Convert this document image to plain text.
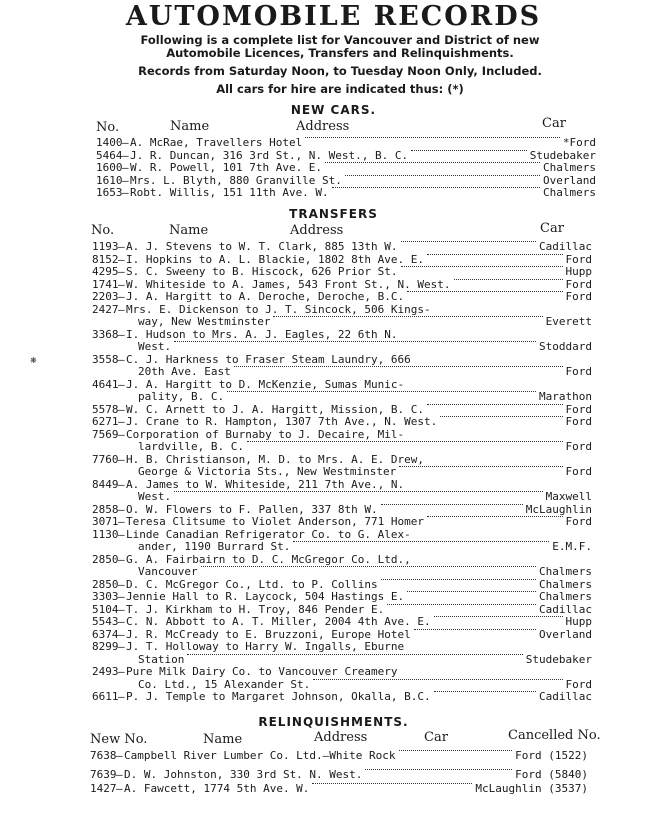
AUTOMOBILE RECORDS
Following is a complete list for Vancouver and District of new
Automobile Licences, Transfers and Relinquishments.
Records from Saturday Noon, to Tuesday Noon Only, Included.
All cars for hire are indicated thus: (*)
NEW CARS.
No.	Name	Address	Car
1400 — A. McRae, Travellers Hotel	*Ford
5464 — J. R. Duncan, 316 3rd St., N. West., B. C.	Studebaker
1600 — W. R. Powell, 101 7th Ave. E.	Chalmers
1610 — Mrs. L. Blyth, 880 Granville St.	Overland
1653 — Robt. Willis, 151 11th Ave. W.	Chalmers
TRANSFERS
No.	Name	Address	Car
1193 — A. J. Stevens to W. T. Clark, 885 13th W.	Cadillac
8152 — I. Hopkins to A. L. Blackie, 1802 8th Ave. E.	Ford
4295 — S. C. Sweeny to B. Hiscock, 626 Prior St.	Hupp
1741 — W. Whiteside to A. James, 543 Front St., N. West.	Ford
2203 — J. A. Hargitt to A. Deroche, Deroche, B.C.	Ford
2427 — Mrs. E. Dickenson to J. T. Sincock, 506 Kings-
way, New Westminster	Everett
3368 — I. Hudson to Mrs. A. J. Eagles, 22 6th N.
West.	Stoddard
3558 — C. J. Harkness to Fraser Steam Laundry, 666
20th Ave. East	Ford
4641 — J. A. Hargitt to D. McKenzie, Sumas Munic-
pality, B. C.	Marathon
5578 — W. C. Arnett to J. A. Hargitt, Mission, B. C.	Ford
6271 — J. Crane to R. Hampton, 1307 7th Ave., N. West.	Ford
7569 — Corporation of Burnaby to J. Decaire, Mil-
lardville, B. C.	Ford
7760 — H. B. Christianson, M. D. to Mrs. A. E. Drew,
George & Victoria Sts., New Westminster	Ford
8449 — A. James to W. Whiteside, 211 7th Ave., N.
West.	Maxwell
2858 — O. W. Flowers to F. Pallen, 337 8th W.	McLaughlin
3071 — Teresa Clitsume to Violet Anderson, 771 Homer	Ford
1130 — Linde Canadian Refrigerator Co. to G. Alex-
ander, 1190 Burrard St.	E.M.F.
2850 — G. A. Fairbairn to D. C. McGregor Co. Ltd.,
Vancouver	Chalmers
2850 — D. C. McGregor Co., Ltd. to P. Collins	Chalmers
3303 — Jennie Hall to R. Laycock, 504 Hastings E.	Chalmers
5104 — T. J. Kirkham to H. Troy, 846 Pender E.	Cadillac
5543 — C. N. Abbott to A. T. Miller, 2004 4th Ave. E.	Hupp
6374 — J. R. McCready to E. Bruzzoni, Europe Hotel	Overland
8299 — J. T. Holloway to Harry W. Ingalls, Eburne
Station	Studebaker
2493 — Pure Milk Dairy Co. to Vancouver Creamery
Co. Ltd., 15 Alexander St.	Ford
6611 — P. J. Temple to Margaret Johnson, Okalla, B.C.	Cadillac
RELINQUISHMENTS.
New No.	Name	Address	Car	Cancelled No.
7638 — Campbell River Lumber Co. Ltd.—White Rock	Ford (1522)
7639 — D. W. Johnston, 330 3rd St. N. West.	Ford (5840)
1427 — A. Fawcett, 1774 5th Ave. W.	McLaughlin (3537)
❋
